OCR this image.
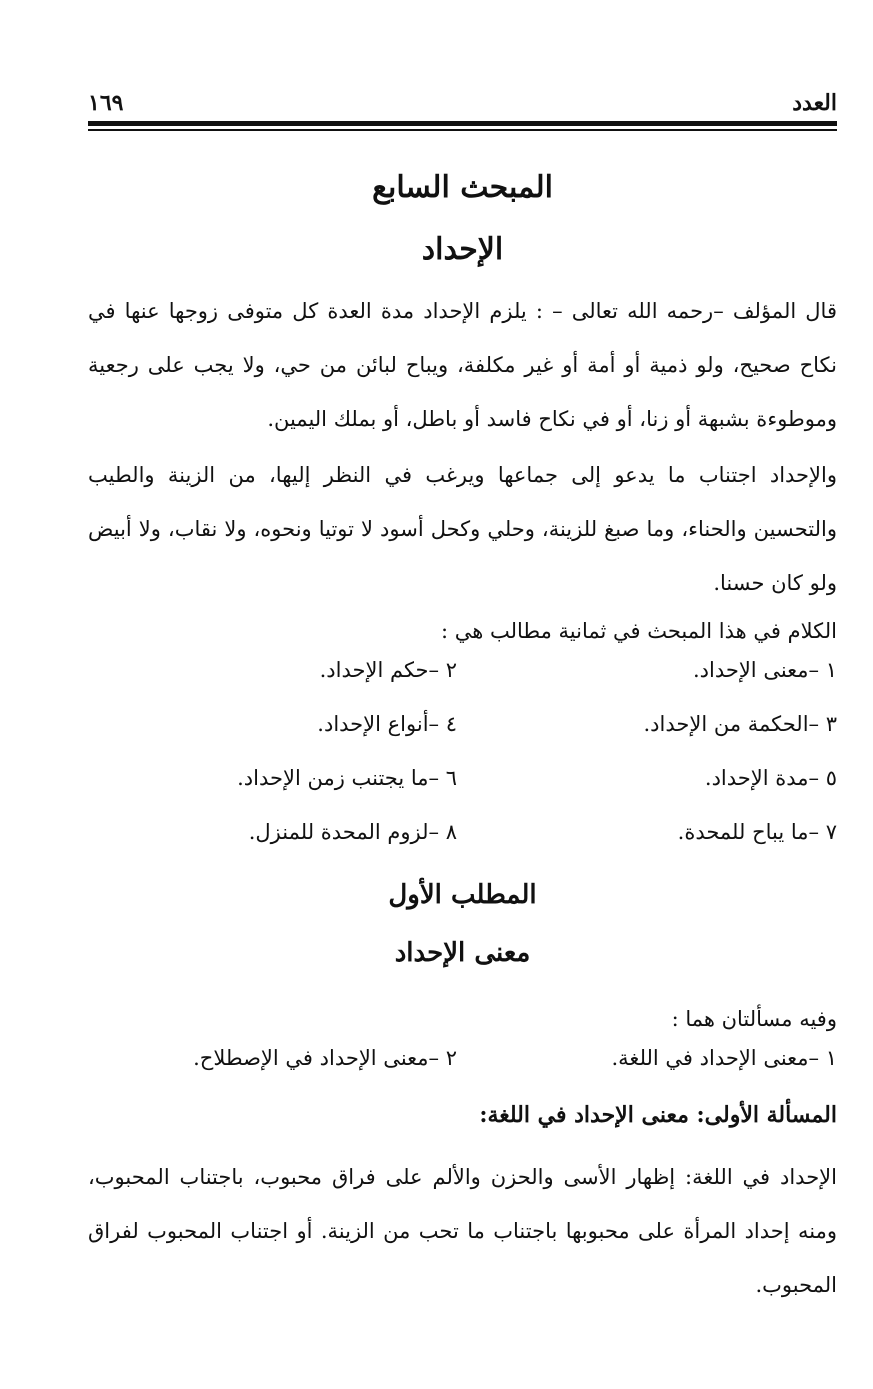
العدد
١٦٩
المبحث السابع
الإحداد
قال المؤلف –رحمه الله تعالى – : يلزم الإحداد مدة العدة كل متوفى زوجها عنها في نكاح صحيح، ولو ذمية أو أمة أو غير مكلفة، ويباح لبائن من حي، ولا يجب على رجعية وموطوءة بشبهة أو زنا، أو في نكاح فاسد أو باطل، أو بملك اليمين.
والإحداد اجتناب ما يدعو إلى جماعها ويرغب في النظر إليها، من الزينة والطيب والتحسين والحناء، وما صبغ للزينة، وحلي وكحل أسود لا توتيا ونحوه، ولا نقاب، ولا أبيض ولو كان حسنا.
الكلام في هذا المبحث في ثمانية مطالب هي :
١ –معنى الإحداد.
٢ –حكم الإحداد.
٣ –الحكمة من الإحداد.
٤ –أنواع الإحداد.
٥ –مدة الإحداد.
٦ –ما يجتنب زمن الإحداد.
٧ –ما يباح للمحدة.
٨ –لزوم المحدة للمنزل.
المطلب الأول
معنى الإحداد
وفيه مسألتان هما :
١ –معنى الإحداد في اللغة.
٢ –معنى الإحداد في الإصطلاح.
المسألة الأولى: معنى الإحداد في اللغة:
الإحداد في اللغة: إظهار الأسى والحزن والألم على فراق محبوب، باجتناب المحبوب، ومنه إحداد المرأة على محبوبها باجتناب ما تحب من الزينة. أو اجتناب المحبوب لفراق المحبوب.
